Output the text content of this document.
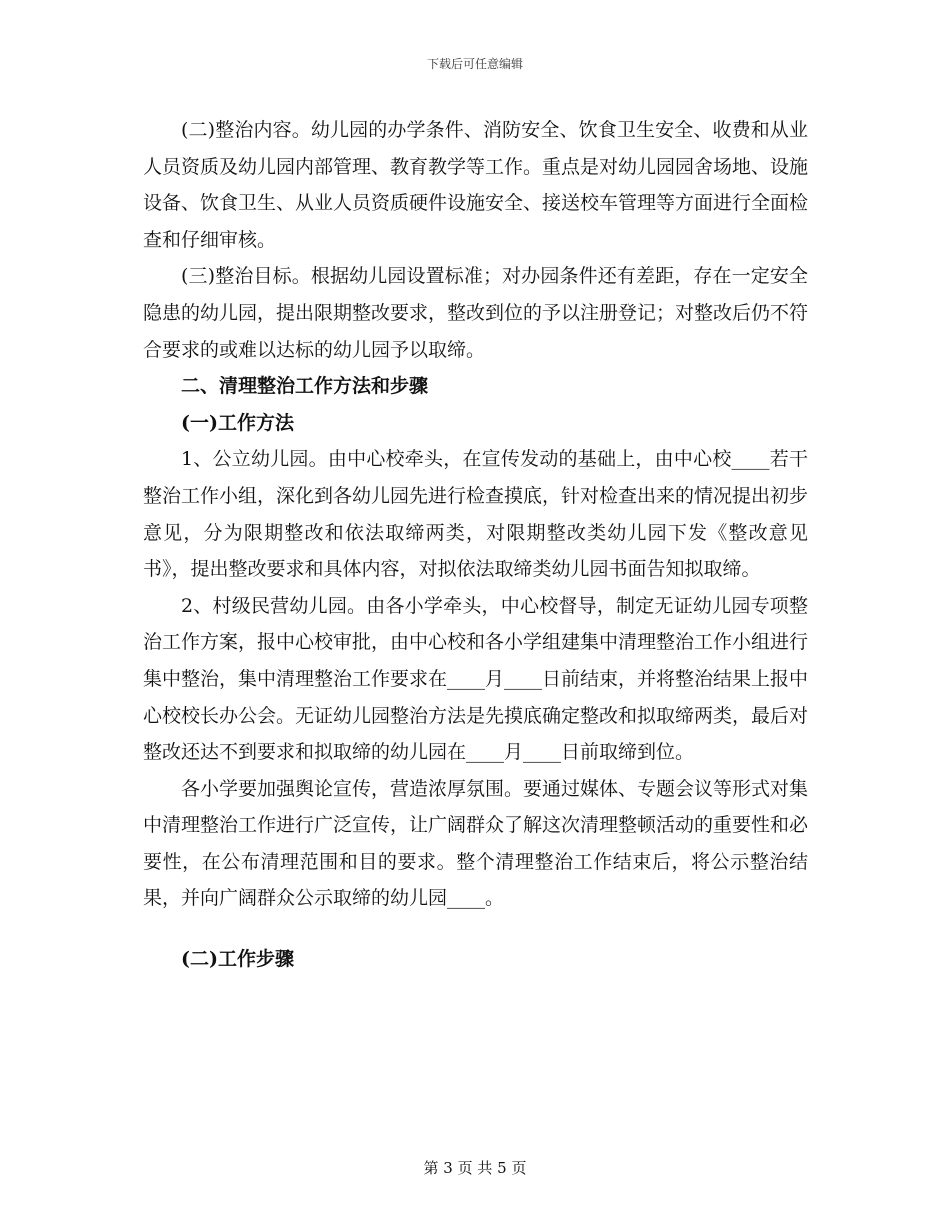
下载后可任意编辑

(二)整治内容。幼儿园的办学条件、消防安全、饮食卫生安全、收费和从业人员资质及幼儿园内部管理、教育教学等工作。重点是对幼儿园园舍场地、设施设备、饮食卫生、从业人员资质硬件设施安全、接送校车管理等方面进行全面检查和仔细审核。

(三)整治目标。根据幼儿园设置标准；对办园条件还有差距，存在一定安全隐患的幼儿园，提出限期整改要求，整改到位的予以注册登记；对整改后仍不符合要求的或难以达标的幼儿园予以取缔。

二、清理整治工作方法和步骤

(一)工作方法

1、公立幼儿园。由中心校牵头，在宣传发动的基础上，由中心校____若干整治工作小组，深化到各幼儿园先进行检查摸底，针对检查出来的情况提出初步意见，分为限期整改和依法取缔两类，对限期整改类幼儿园下发《整改意见书》，提出整改要求和具体内容，对拟依法取缔类幼儿园书面告知拟取缔。

2、村级民营幼儿园。由各小学牵头，中心校督导，制定无证幼儿园专项整治工作方案，报中心校审批，由中心校和各小学组建集中清理整治工作小组进行集中整治，集中清理整治工作要求在____月____日前结束，并将整治结果上报中心校校长办公会。无证幼儿园整治方法是先摸底确定整改和拟取缔两类，最后对整改还达不到要求和拟取缔的幼儿园在____月____日前取缔到位。

各小学要加强舆论宣传，营造浓厚氛围。要通过媒体、专题会议等形式对集中清理整治工作进行广泛宣传，让广阔群众了解这次清理整顿活动的重要性和必要性，在公布清理范围和目的要求。整个清理整治工作结束后，将公示整治结果，并向广阔群众公示取缔的幼儿园____。

(二)工作步骤

第 3 页 共 5 页
